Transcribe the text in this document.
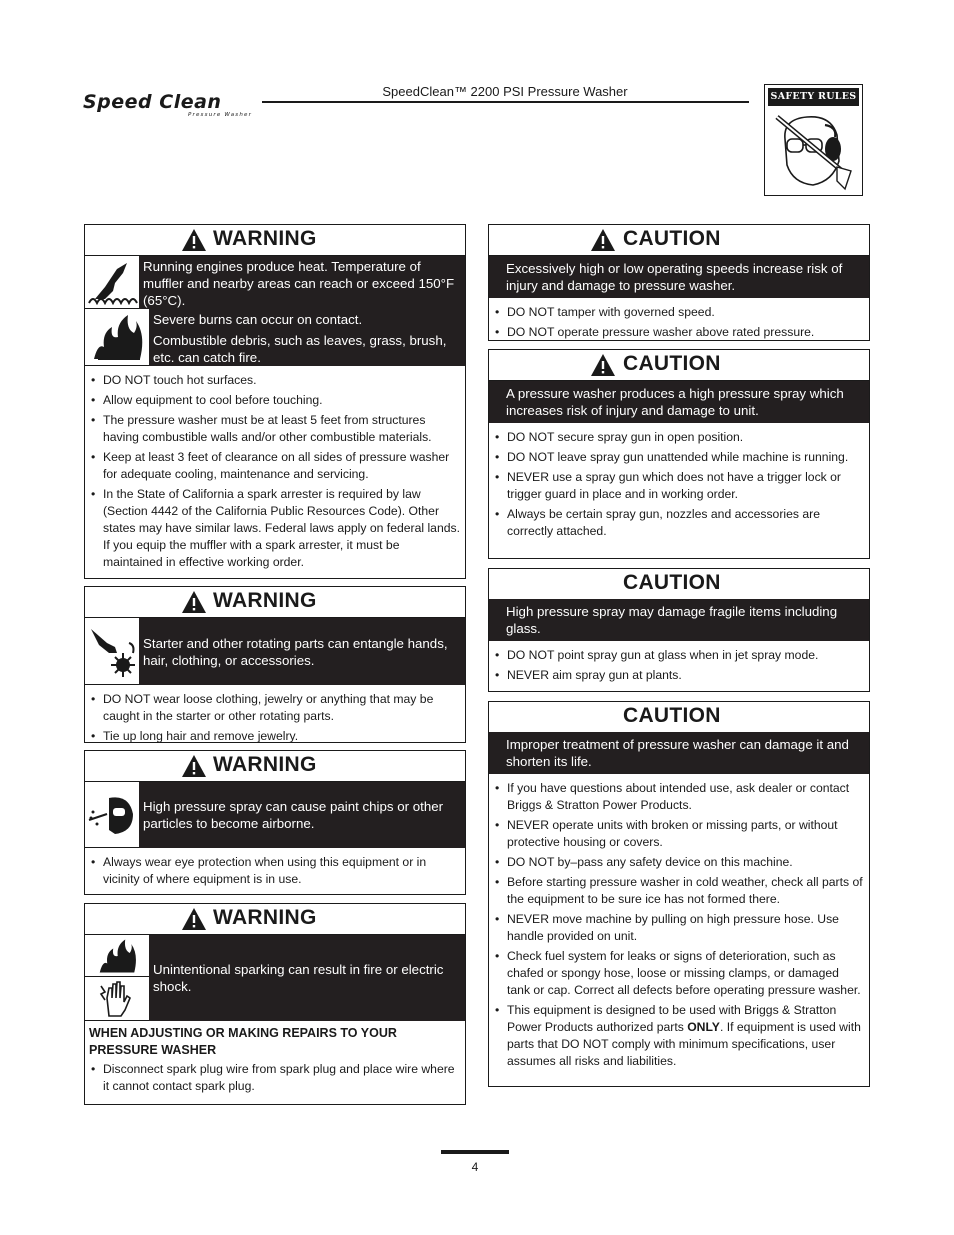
Speed Clean
Pressure Washer
SpeedClean™ 2200 PSI Pressure Washer	SAFETY RULES
WARNING
Running engines produce heat. Temperature of muffler and nearby areas can reach or exceed 150°F (65°C).
Severe burns can occur on contact.
Combustible debris, such as leaves, grass, brush, etc. can catch fire.
• DO NOT touch hot surfaces.
• Allow equipment to cool before touching.
• The pressure washer must be at least 5 feet from structures having combustible walls and/or other combustible materials.
• Keep at least 3 feet of clearance on all sides of pressure washer for adequate cooling, maintenance and servicing.
• In the State of California a spark arrester is required by law (Section 4442 of the California Public Resources Code). Other states may have similar laws. Federal laws apply on federal lands. If you equip the muffler with a spark arrester, it must be maintained in effective working order.
WARNING
Starter and other rotating parts can entangle hands, hair, clothing, or accessories.
• DO NOT wear loose clothing, jewelry or anything that may be caught in the starter or other rotating parts.
• Tie up long hair and remove jewelry.
WARNING
High pressure spray can cause paint chips or other particles to become airborne.
• Always wear eye protection when using this equipment or in vicinity of where equipment is in use.
WARNING
Unintentional sparking can result in fire or electric shock.
WHEN ADJUSTING OR MAKING REPAIRS TO YOUR PRESSURE WASHER
• Disconnect spark plug wire from spark plug and place wire where it cannot contact spark plug.
CAUTION
Excessively high or low operating speeds increase risk of injury and damage to pressure washer.
• DO NOT tamper with governed speed.
• DO NOT operate pressure washer above rated pressure.
CAUTION
A pressure washer produces a high pressure spray which increases risk of injury and damage to unit.
• DO NOT secure spray gun in open position.
• DO NOT leave spray gun unattended while machine is running.
• NEVER use a spray gun which does not have a trigger lock or trigger guard in place and in working order.
• Always be certain spray gun, nozzles and accessories are correctly attached.
CAUTION
High pressure spray may damage fragile items including glass.
• DO NOT point spray gun at glass when in jet spray mode.
• NEVER aim spray gun at plants.
CAUTION
Improper treatment of pressure washer can damage it and shorten its life.
• If you have questions about intended use, ask dealer or contact Briggs & Stratton Power Products.
• NEVER operate units with broken or missing parts, or without protective housing or covers.
• DO NOT by–pass any safety device on this machine.
• Before starting pressure washer in cold weather, check all parts of the equipment to be sure ice has not formed there.
• NEVER move machine by pulling on high pressure hose. Use handle provided on unit.
• Check fuel system for leaks or signs of deterioration, such as chafed or spongy hose, loose or missing clamps, or damaged tank or cap. Correct all defects before operating pressure washer.
• This equipment is designed to be used with Briggs & Stratton Power Products authorized parts ONLY. If equipment is used with parts that DO NOT comply with minimum specifications, user assumes all risks and liabilities.
4
